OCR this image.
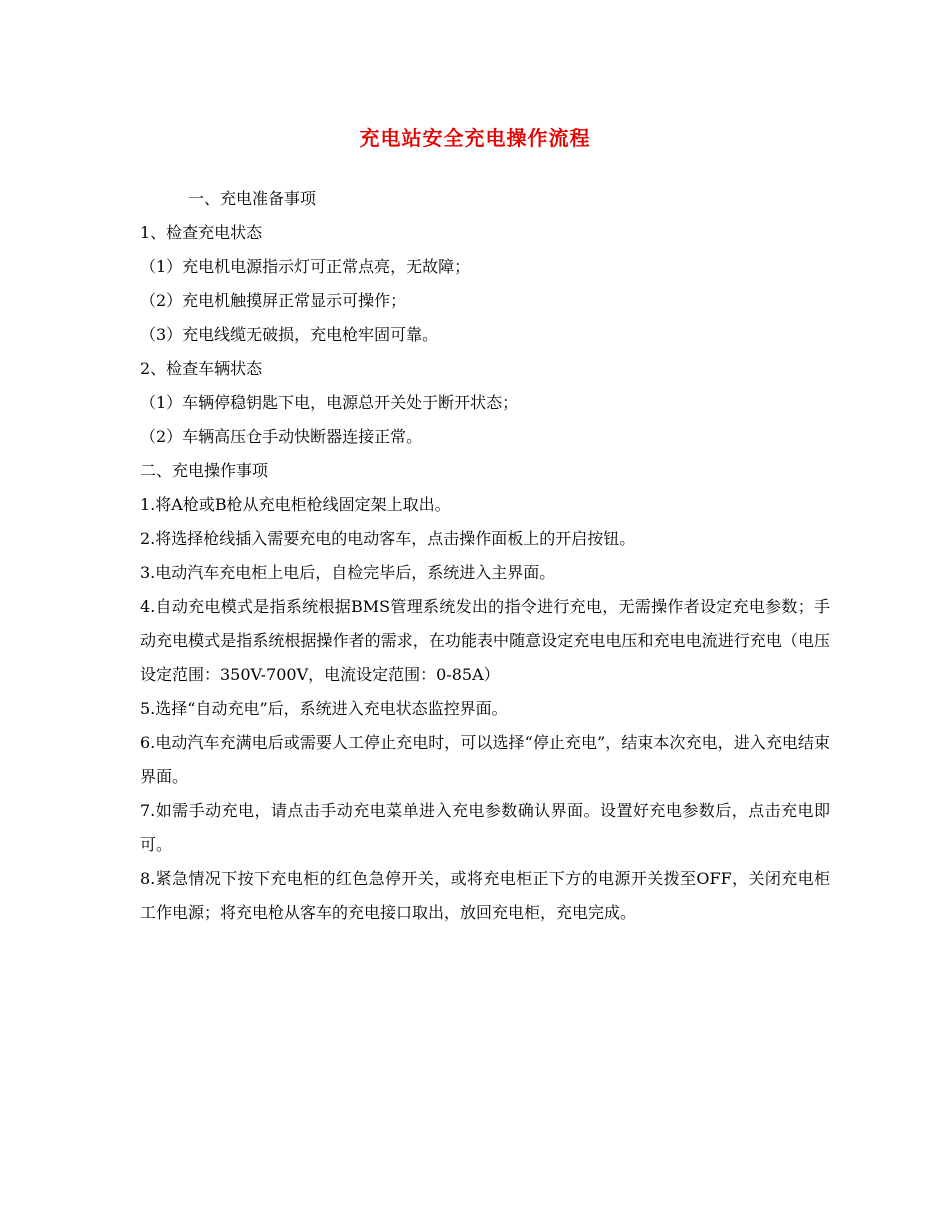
充电站安全充电操作流程
一、充电准备事项
1、检查充电状态
（1）充电机电源指示灯可正常点亮，无故障；
（2）充电机触摸屏正常显示可操作；
（3）充电线缆无破损，充电枪牢固可靠。
2、检查车辆状态
（1）车辆停稳钥匙下电，电源总开关处于断开状态；
（2）车辆高压仓手动快断器连接正常。
二、充电操作事项
1.将A枪或B枪从充电柜枪线固定架上取出。
2.将选择枪线插入需要充电的电动客车，点击操作面板上的开启按钮。
3.电动汽车充电柜上电后，自检完毕后，系统进入主界面。
4.自动充电模式是指系统根据BMS管理系统发出的指令进行充电，无需操作者设定充电参数；手动充电模式是指系统根据操作者的需求，在功能表中随意设定充电电压和充电电流进行充电（电压设定范围：350V-700V，电流设定范围：0-85A）
5.选择“自动充电”后，系统进入充电状态监控界面。
6.电动汽车充满电后或需要人工停止充电时，可以选择“停止充电”，结束本次充电，进入充电结束界面。
7.如需手动充电，请点击手动充电菜单进入充电参数确认界面。设置好充电参数后，点击充电即可。
8.紧急情况下按下充电柜的红色急停开关，或将充电柜正下方的电源开关拨至OFF，关闭充电柜工作电源；将充电枪从客车的充电接口取出，放回充电柜，充电完成。
